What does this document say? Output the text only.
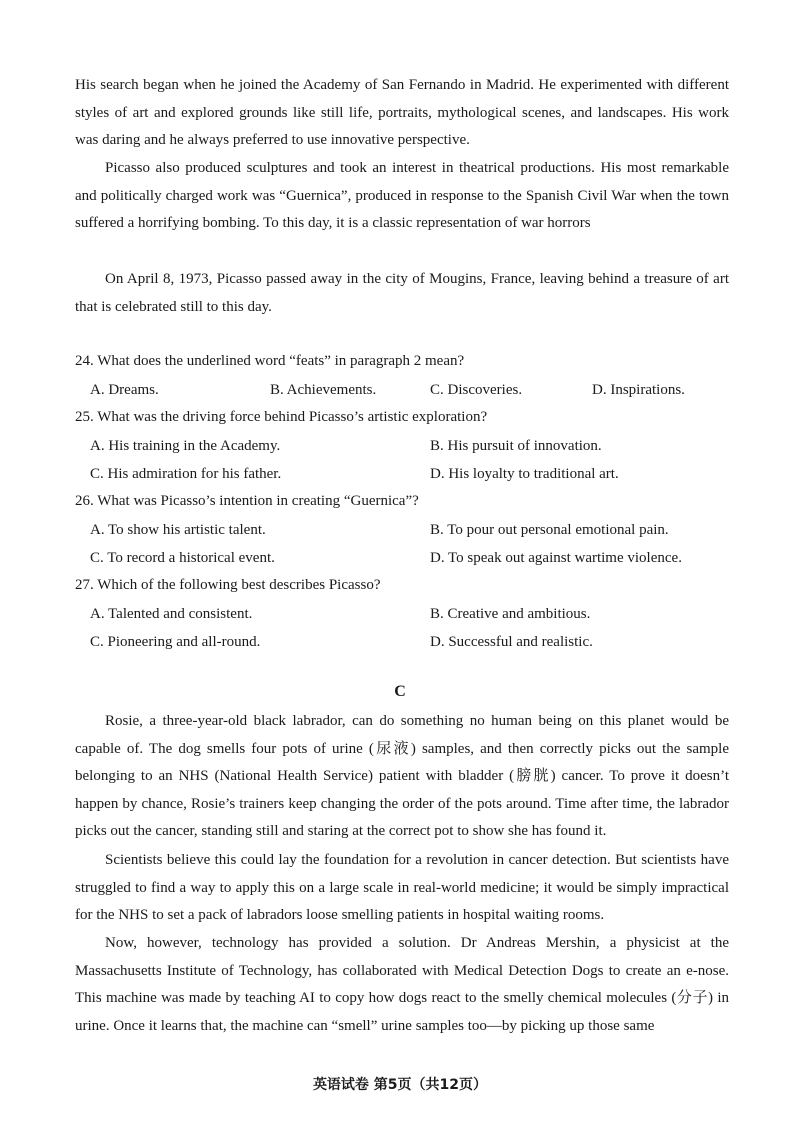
His search began when he joined the Academy of San Fernando in Madrid. He experimented with different styles of art and explored grounds like still life, portraits, mythological scenes, and landscapes. His work was daring and he always preferred to use innovative perspective.

Picasso also produced sculptures and took an interest in theatrical productions. His most remarkable and politically charged work was “Guernica”, produced in response to the Spanish Civil War when the town suffered a horrifying bombing. To this day, it is a classic representation of war horrors

On April 8, 1973, Picasso passed away in the city of Mougins, France, leaving behind a treasure of art that is celebrated still to this day.

24. What does the underlined word “feats” in paragraph 2 mean?

A. Dreams.	B. Achievements.	C. Discoveries.	D. Inspirations.

25. What was the driving force behind Picasso’s artistic exploration?

A. His training in the Academy.	B. His pursuit of innovation.
C. His admiration for his father.	D. His loyalty to traditional art.

26. What was Picasso’s intention in creating “Guernica”?

A. To show his artistic talent.	B. To pour out personal emotional pain.
C. To record a historical event.	D. To speak out against wartime violence.

27. Which of the following best describes Picasso?

A. Talented and consistent.	B. Creative and ambitious.
C. Pioneering and all-round.	D. Successful and realistic.
C

Rosie, a three-year-old black labrador, can do something no human being on this planet would be capable of. The dog smells four pots of urine (尿液) samples, and then correctly picks out the sample belonging to an NHS (National Health Service) patient with bladder (膀胱) cancer. To prove it doesn’t happen by chance, Rosie’s trainers keep changing the order of the pots around. Time after time, the labrador picks out the cancer, standing still and staring at the correct pot to show she has found it.

Scientists believe this could lay the foundation for a revolution in cancer detection. But scientists have struggled to find a way to apply this on a large scale in real-world medicine; it would be simply impractical for the NHS to set a pack of labradors loose smelling patients in hospital waiting rooms.

Now, however, technology has provided a solution. Dr Andreas Mershin, a physicist at the Massachusetts Institute of Technology, has collaborated with Medical Detection Dogs to create an e-nose. This machine was made by teaching AI to copy how dogs react to the smelly chemical molecules (分子) in urine. Once it learns that, the machine can “smell” urine samples too—by picking up those same

英语试卷 第5页（共12页）
